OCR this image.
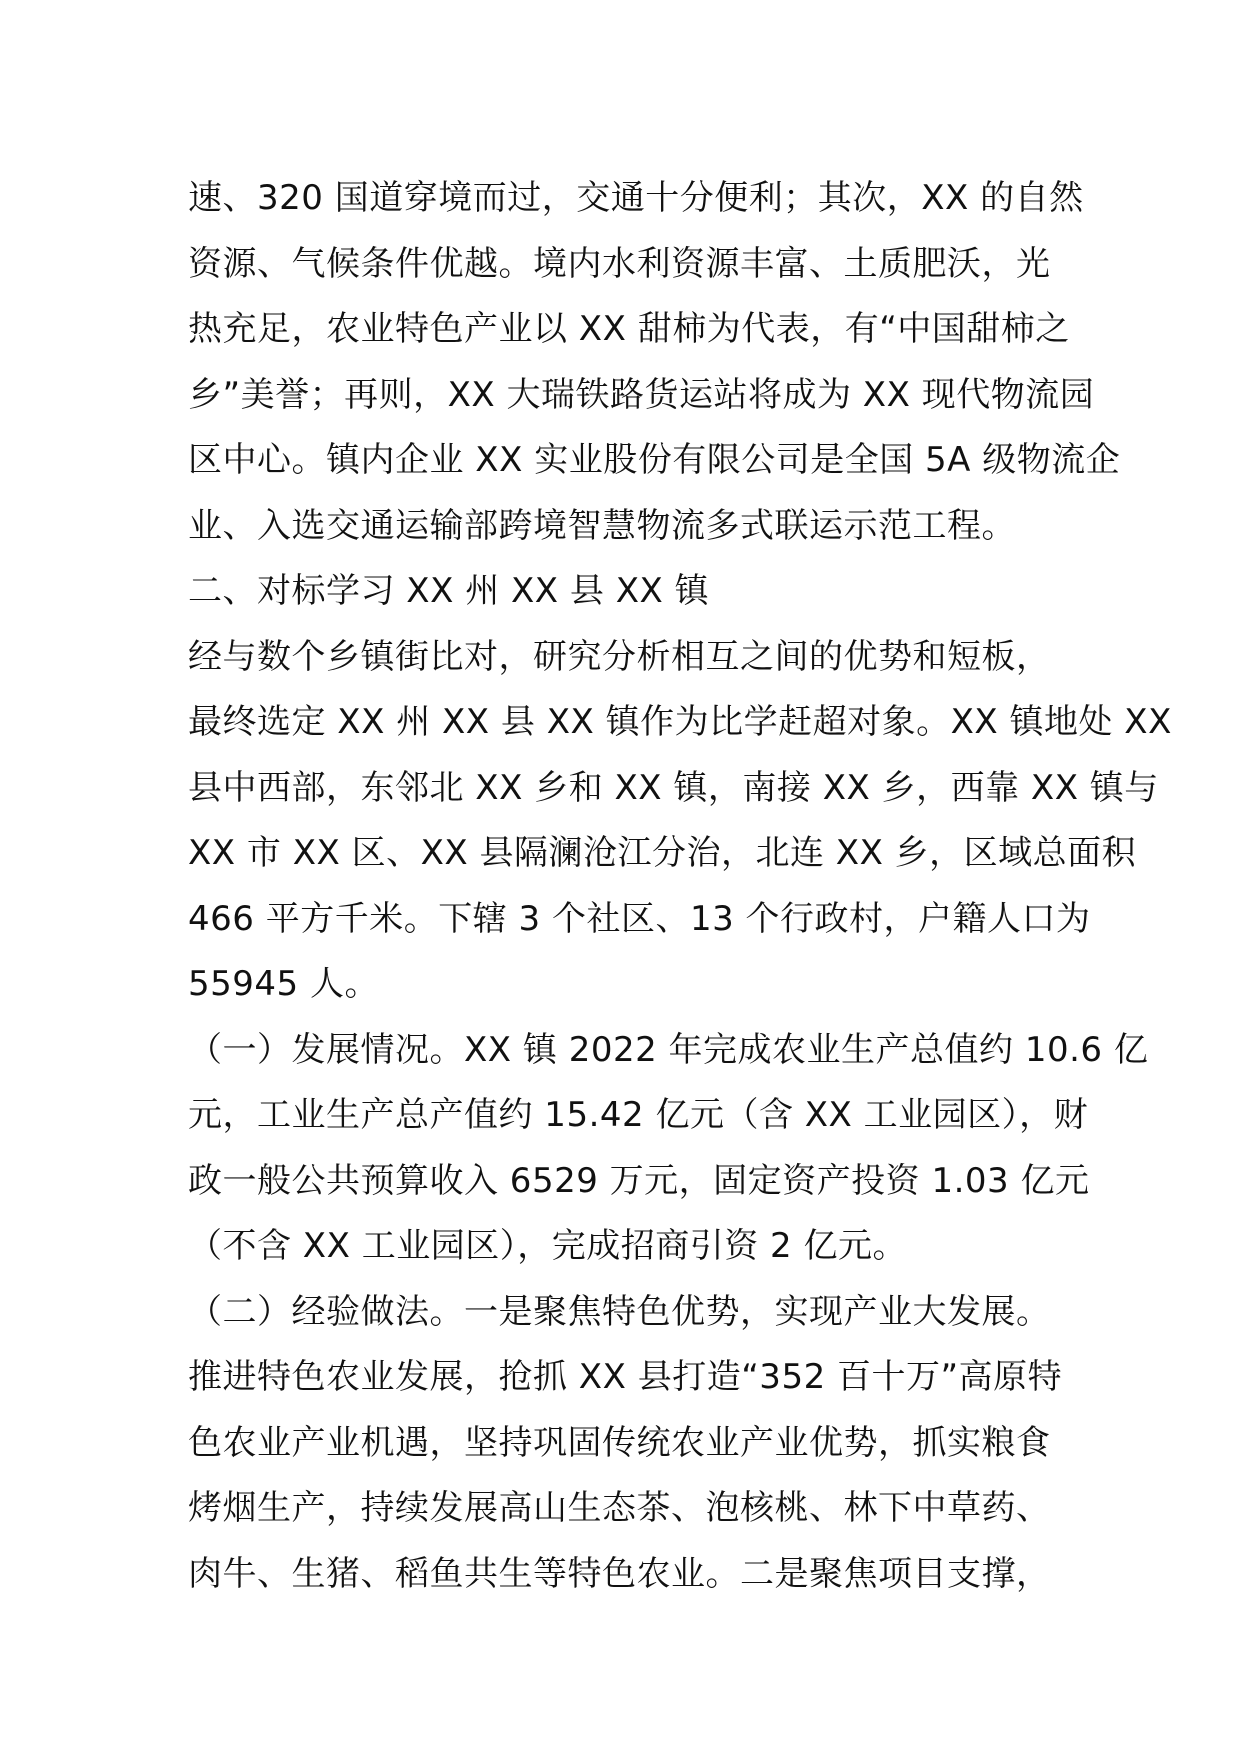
速、320 国道穿境而过，交通十分便利；其次，XX 的自然
资源、气候条件优越。境内水利资源丰富、土质肥沃，光
热充足，农业特色产业以 XX 甜柿为代表，有“中国甜柿之
乡”美誉；再则，XX 大瑞铁路货运站将成为 XX 现代物流园
区中心。镇内企业 XX 实业股份有限公司是全国 5A 级物流企
业、入选交通运输部跨境智慧物流多式联运示范工程。
二、对标学习 XX 州 XX 县 XX 镇
经与数个乡镇街比对，研究分析相互之间的优势和短板，
最终选定 XX 州 XX 县 XX 镇作为比学赶超对象。XX 镇地处 XX
县中西部，东邻北 XX 乡和 XX 镇，南接 XX 乡，西靠 XX 镇与
XX 市 XX 区、XX 县隔澜沧江分治，北连 XX 乡，区域总面积
466 平方千米。下辖 3 个社区、13 个行政村，户籍人口为
55945 人。
（一）发展情况。XX 镇 2022 年完成农业生产总值约 10.6 亿
元，工业生产总产值约 15.42 亿元（含 XX 工业园区），财
政一般公共预算收入 6529 万元，固定资产投资 1.03 亿元
（不含 XX 工业园区），完成招商引资 2 亿元。
（二）经验做法。一是聚焦特色优势，实现产业大发展。
推进特色农业发展，抢抓 XX 县打造“352 百十万”高原特
色农业产业机遇，坚持巩固传统农业产业优势，抓实粮食
烤烟生产，持续发展高山生态茶、泡核桃、林下中草药、
肉牛、生猪、稻鱼共生等特色农业。二是聚焦项目支撑，
